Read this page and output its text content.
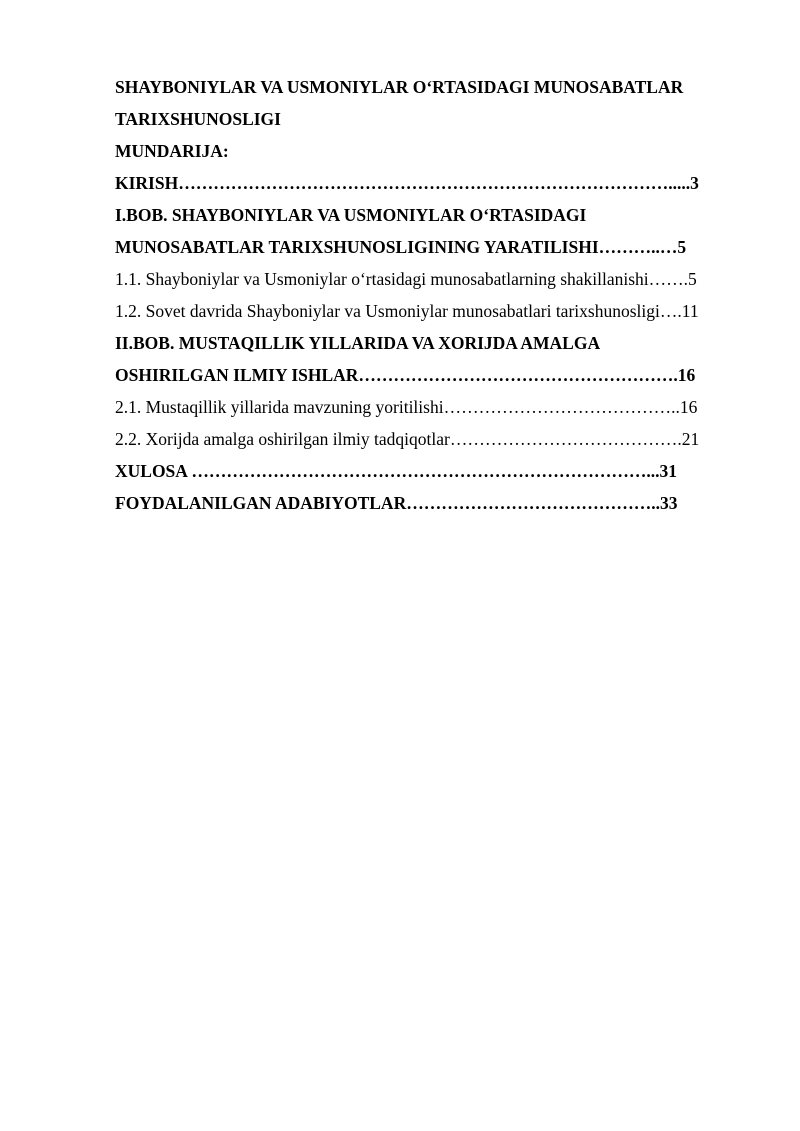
SHAYBONIYLAR VA USMONIYLAR O‘RTASIDAGI MUNOSABATLAR

TARIXSHUNOSLIGI

MUNDARIJA:

KIRISH………………………………………………………………………….....3

I.BOB. SHAYBONIYLAR VA USMONIYLAR O‘RTASIDAGI

MUNOSABATLAR TARIXSHUNOSLIGINING YARATILISHI………..…5

1.1. Shayboniylar va Usmoniylar o‘rtasidagi munosabatlarning shakillanishi…….5

1.2. Sovet davrida Shayboniylar va Usmoniylar munosabatlari tarixshunosligi….11

II.BOB. MUSTAQILLIK YILLARIDA VA XORIJDA AMALGA

OSHIRILGAN ILMIY ISHLAR……………………………………………….16

2.1. Mustaqillik yillarida mavzuning yoritilishi…………………………………..16

2.2. Xorijda amalga oshirilgan ilmiy tadqiqotlar………………………………….21

XULOSA ……………………………………………………………………...31

FOYDALANILGAN ADABIYOTLAR……………………………………..33
